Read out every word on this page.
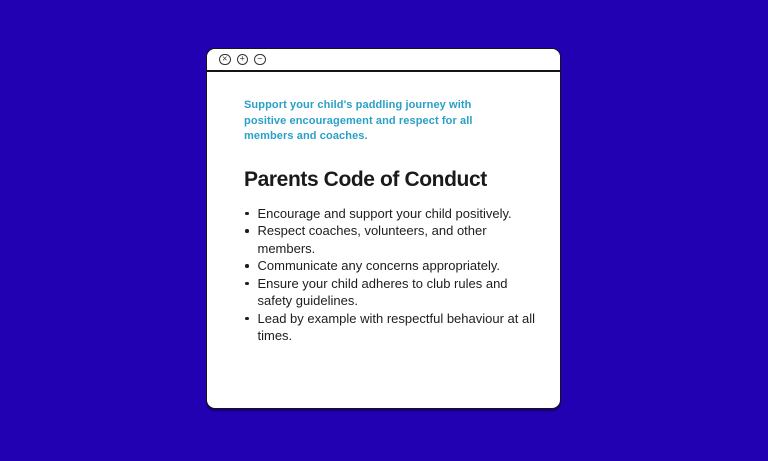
× + −
Support your child's paddling journey with
positive encouragement and respect for all
members and coaches.
Parents Code of Conduct
Encourage and support your child positively.
Respect coaches, volunteers, and other members.
Communicate any concerns appropriately.
Ensure your child adheres to club rules and safety guidelines.
Lead by example with respectful behaviour at all times.
